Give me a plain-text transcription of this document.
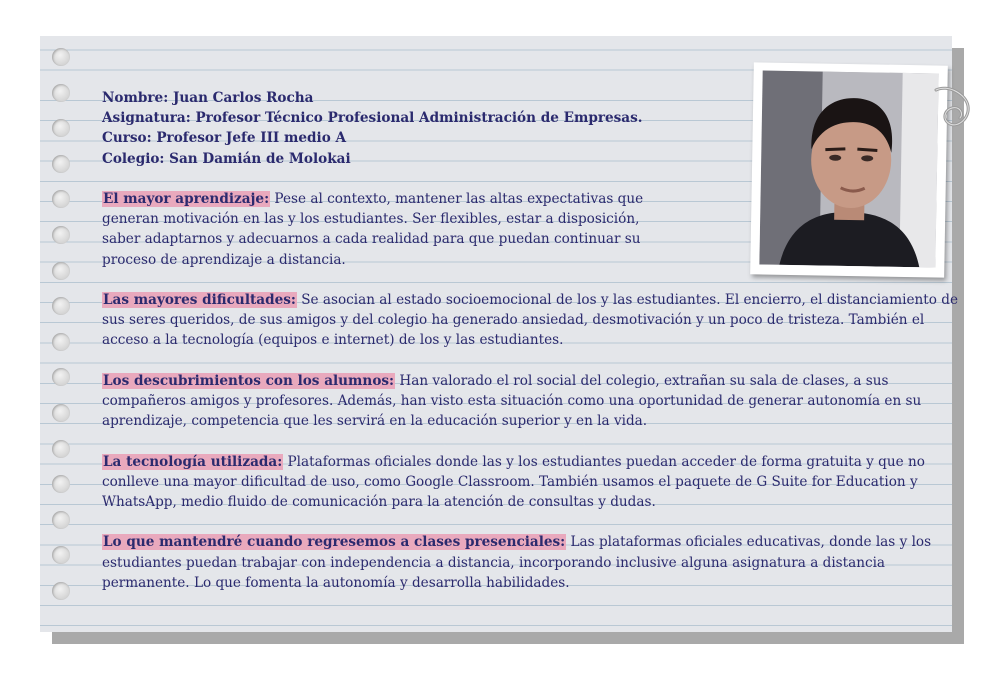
Nombre: Juan Carlos Rocha
Asignatura: Profesor Técnico Profesional Administración de Empresas.
Curso: Profesor Jefe III medio A
Colegio: San Damián de Molokai
El mayor aprendizaje: Pese al contexto, mantener las altas expectativas que generan motivación en las y los estudiantes. Ser flexibles, estar a disposición, saber adaptarnos y adecuarnos a cada realidad para que puedan continuar su proceso de aprendizaje a distancia.
Las mayores dificultades: Se asocian al estado socioemocional de los y las estudiantes. El encierro, el distanciamiento de sus seres queridos, de sus amigos y del colegio ha generado ansiedad, desmotivación y un poco de tristeza. También el acceso a la tecnología (equipos e internet) de los y las estudiantes.
Los descubrimientos con los alumnos: Han valorado el rol social del colegio, extrañan su sala de clases, a sus compañeros amigos y profesores. Además, han visto esta situación como una oportunidad de generar autonomía en su aprendizaje, competencia que les servirá en la educación superior y en la vida.
La tecnología utilizada: Plataformas oficiales donde las y los estudiantes puedan acceder de forma gratuita y que no conlleve una mayor dificultad de uso, como Google Classroom. También usamos el paquete de G Suite for Education y WhatsApp, medio fluido de comunicación para la atención de consultas y dudas.
Lo que mantendré cuando regresemos a clases presenciales: Las plataformas oficiales educativas, donde las y los estudiantes puedan trabajar con independencia a distancia, incorporando inclusive alguna asignatura a distancia permanente. Lo que fomenta la autonomía y desarrolla habilidades.
